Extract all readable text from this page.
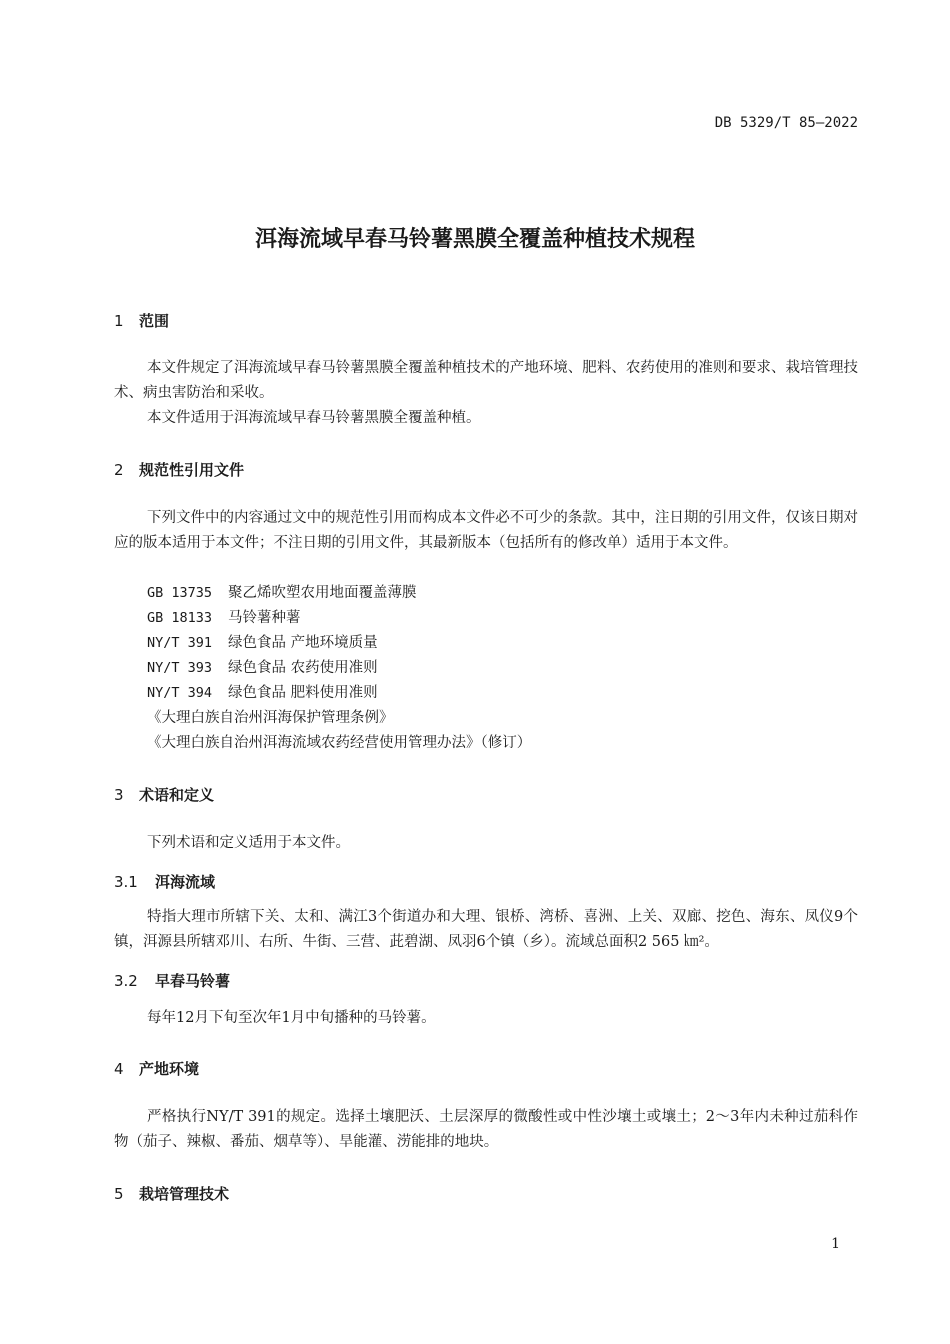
DB 5329/T 85—2022
洱海流域早春马铃薯黑膜全覆盖种植技术规程
1 范围
本文件规定了洱海流域早春马铃薯黑膜全覆盖种植技术的产地环境、肥料、农药使用的准则和要求、栽培管理技术、病虫害防治和采收。
本文件适用于洱海流域早春马铃薯黑膜全覆盖种植。
2 规范性引用文件
下列文件中的内容通过文中的规范性引用而构成本文件必不可少的条款。其中，注日期的引用文件，仅该日期对应的版本适用于本文件；不注日期的引用文件，其最新版本（包括所有的修改单）适用于本文件。
GB 13735 聚乙烯吹塑农用地面覆盖薄膜
GB 18133 马铃薯种薯
NY/T 391 绿色食品 产地环境质量
NY/T 393 绿色食品 农药使用准则
NY/T 394 绿色食品 肥料使用准则
《大理白族自治州洱海保护管理条例》
《大理白族自治州洱海流域农药经营使用管理办法》（修订）
3 术语和定义
下列术语和定义适用于本文件。
3.1 洱海流域
特指大理市所辖下关、太和、满江3个街道办和大理、银桥、湾桥、喜洲、上关、双廊、挖色、海东、凤仪9个镇，洱源县所辖邓川、右所、牛街、三营、茈碧湖、凤羽6个镇（乡）。流域总面积2 565 ㎞²。
3.2 早春马铃薯
每年12月下旬至次年1月中旬播种的马铃薯。
4 产地环境
严格执行NY/T 391的规定。选择土壤肥沃、土层深厚的微酸性或中性沙壤土或壤土；2～3年内未种过茄科作物（茄子、辣椒、番茄、烟草等）、旱能灌、涝能排的地块。
5 栽培管理技术
1
